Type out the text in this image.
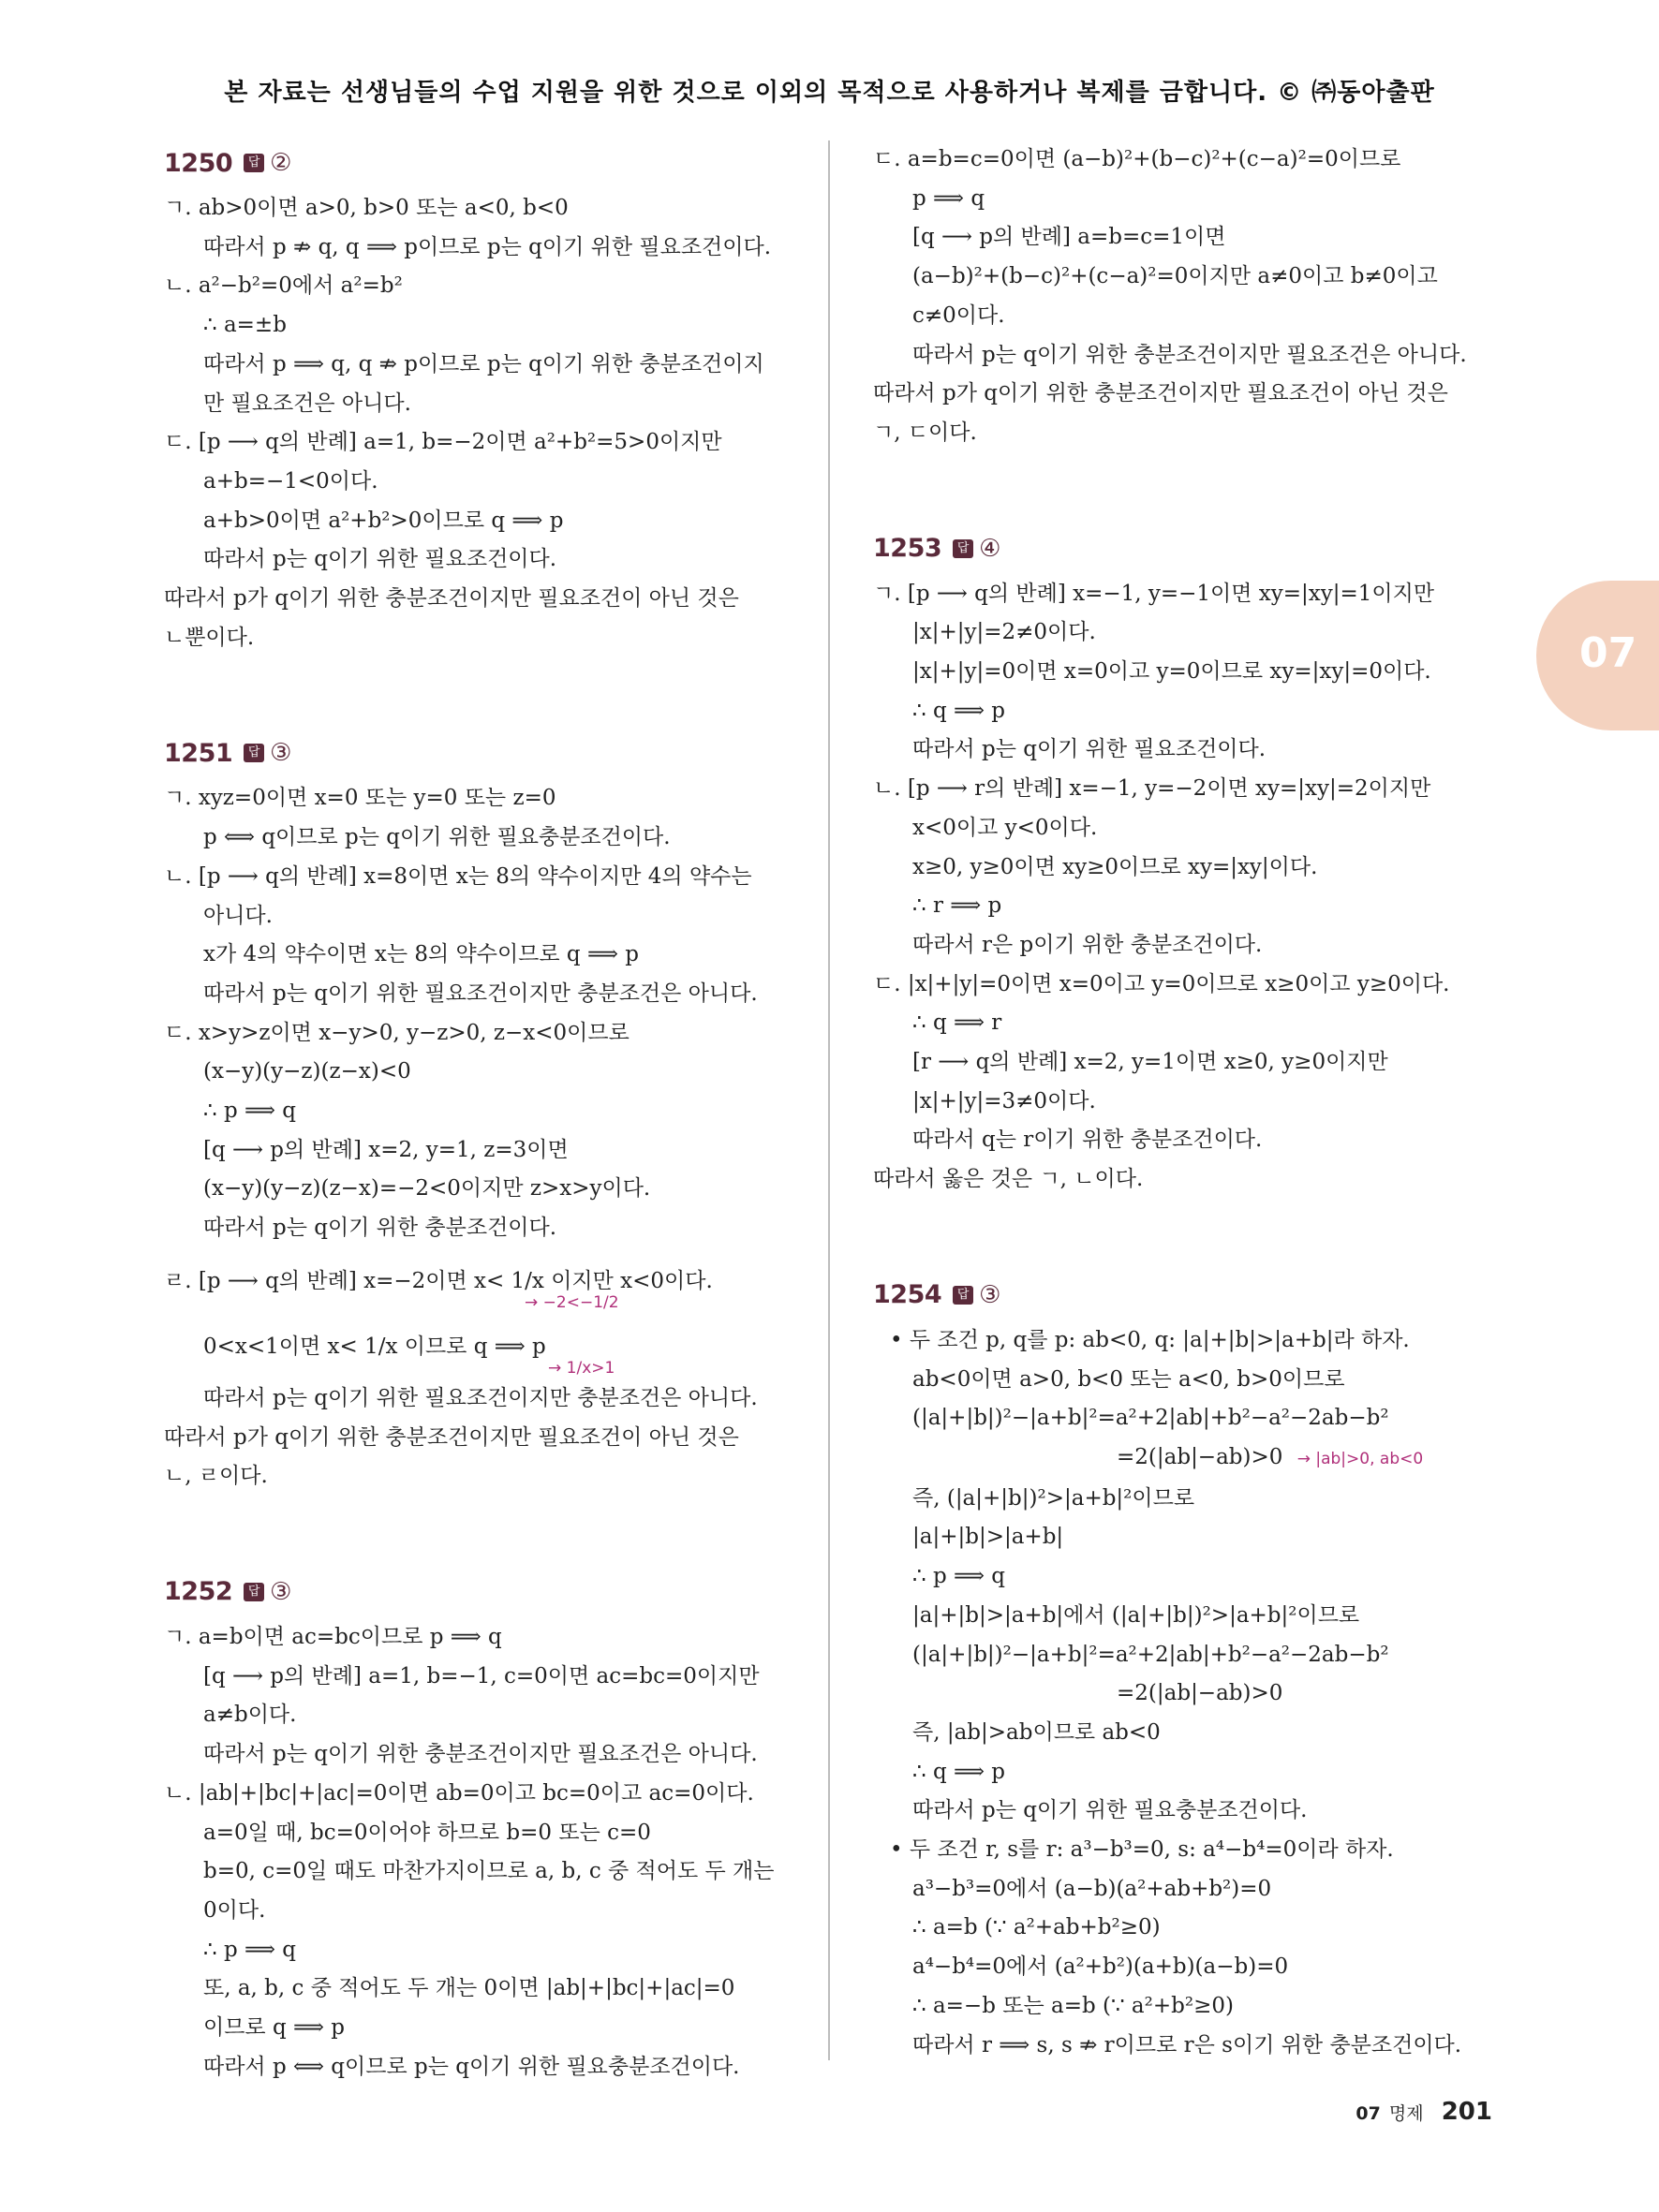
본 자료는 선생님들의 수업 지원을 위한 것으로 이외의 목적으로 사용하거나 복제를 금합니다. © ㈜동아출판
1250	답 ②
ㄱ. ab>0이면 a>0, b>0 또는 a<0, b<0
따라서 p ⇏ q, q ⟹ p이므로 p는 q이기 위한 필요조건이다.
ㄴ. a²−b²=0에서 a²=b²
∴ a=±b
따라서 p ⟹ q, q ⇏ p이므로 p는 q이기 위한 충분조건이지
만 필요조건은 아니다.
ㄷ. [p ⟶ q의 반례] a=1, b=−2이면 a²+b²=5>0이지만
a+b=−1<0이다.
a+b>0이면 a²+b²>0이므로 q ⟹ p
따라서 p는 q이기 위한 필요조건이다.
따라서 p가 q이기 위한 충분조건이지만 필요조건이 아닌 것은
ㄴ뿐이다.
1251	답 ③
ㄱ. xyz=0이면 x=0 또는 y=0 또는 z=0
p ⟺ q이므로 p는 q이기 위한 필요충분조건이다.
ㄴ. [p ⟶ q의 반례] x=8이면 x는 8의 약수이지만 4의 약수는
아니다.
x가 4의 약수이면 x는 8의 약수이므로 q ⟹ p
따라서 p는 q이기 위한 필요조건이지만 충분조건은 아니다.
ㄷ. x>y>z이면 x−y>0, y−z>0, z−x<0이므로
(x−y)(y−z)(z−x)<0
∴ p ⟹ q
[q ⟶ p의 반례] x=2, y=1, z=3이면
(x−y)(y−z)(z−x)=−2<0이지만 z>x>y이다.
따라서 p는 q이기 위한 충분조건이다.
ㄹ. [p ⟶ q의 반례] x=−2이면 x< 1/x 이지만 x<0이다.
→ −2<−1/2
0<x<1이면 x< 1/x 이므로 q ⟹ p
→ 1/x>1
따라서 p는 q이기 위한 필요조건이지만 충분조건은 아니다.
따라서 p가 q이기 위한 충분조건이지만 필요조건이 아닌 것은
ㄴ, ㄹ이다.
1252	답 ③
ㄱ. a=b이면 ac=bc이므로 p ⟹ q
[q ⟶ p의 반례] a=1, b=−1, c=0이면 ac=bc=0이지만
a≠b이다.
따라서 p는 q이기 위한 충분조건이지만 필요조건은 아니다.
ㄴ. |ab|+|bc|+|ac|=0이면 ab=0이고 bc=0이고 ac=0이다.
a=0일 때, bc=0이어야 하므로 b=0 또는 c=0
b=0, c=0일 때도 마찬가지이므로 a, b, c 중 적어도 두 개는
0이다.
∴ p ⟹ q
또, a, b, c 중 적어도 두 개는 0이면 |ab|+|bc|+|ac|=0
이므로 q ⟹ p
따라서 p ⟺ q이므로 p는 q이기 위한 필요충분조건이다.
ㄷ. a=b=c=0이면 (a−b)²+(b−c)²+(c−a)²=0이므로
p ⟹ q
[q ⟶ p의 반례] a=b=c=1이면
(a−b)²+(b−c)²+(c−a)²=0이지만 a≠0이고 b≠0이고
c≠0이다.
따라서 p는 q이기 위한 충분조건이지만 필요조건은 아니다.
따라서 p가 q이기 위한 충분조건이지만 필요조건이 아닌 것은
ㄱ, ㄷ이다.
1253	답 ④
ㄱ. [p ⟶ q의 반례] x=−1, y=−1이면 xy=|xy|=1이지만
|x|+|y|=2≠0이다.
|x|+|y|=0이면 x=0이고 y=0이므로 xy=|xy|=0이다.
∴ q ⟹ p
따라서 p는 q이기 위한 필요조건이다.
ㄴ. [p ⟶ r의 반례] x=−1, y=−2이면 xy=|xy|=2이지만
x<0이고 y<0이다.
x≥0, y≥0이면 xy≥0이므로 xy=|xy|이다.
∴ r ⟹ p
따라서 r은 p이기 위한 충분조건이다.
ㄷ. |x|+|y|=0이면 x=0이고 y=0이므로 x≥0이고 y≥0이다.
∴ q ⟹ r
[r ⟶ q의 반례] x=2, y=1이면 x≥0, y≥0이지만
|x|+|y|=3≠0이다.
따라서 q는 r이기 위한 충분조건이다.
따라서 옳은 것은 ㄱ, ㄴ이다.
1254	답 ③
• 두 조건 p, q를 p: ab<0, q: |a|+|b|>|a+b|라 하자.
ab<0이면 a>0, b<0 또는 a<0, b>0이므로
(|a|+|b|)²−|a+b|²=a²+2|ab|+b²−a²−2ab−b²
=2(|ab|−ab)>0 → |ab|>0, ab<0
즉, (|a|+|b|)²>|a+b|²이므로
|a|+|b|>|a+b|
∴ p ⟹ q
|a|+|b|>|a+b|에서 (|a|+|b|)²>|a+b|²이므로
(|a|+|b|)²−|a+b|²=a²+2|ab|+b²−a²−2ab−b²
=2(|ab|−ab)>0
즉, |ab|>ab이므로 ab<0
∴ q ⟹ p
따라서 p는 q이기 위한 필요충분조건이다.
• 두 조건 r, s를 r: a³−b³=0, s: a⁴−b⁴=0이라 하자.
a³−b³=0에서 (a−b)(a²+ab+b²)=0
∴ a=b (∵ a²+ab+b²≥0)
a⁴−b⁴=0에서 (a²+b²)(a+b)(a−b)=0
∴ a=−b 또는 a=b (∵ a²+b²≥0)
따라서 r ⟹ s, s ⇏ r이므로 r은 s이기 위한 충분조건이다.
07
07 명제 201
